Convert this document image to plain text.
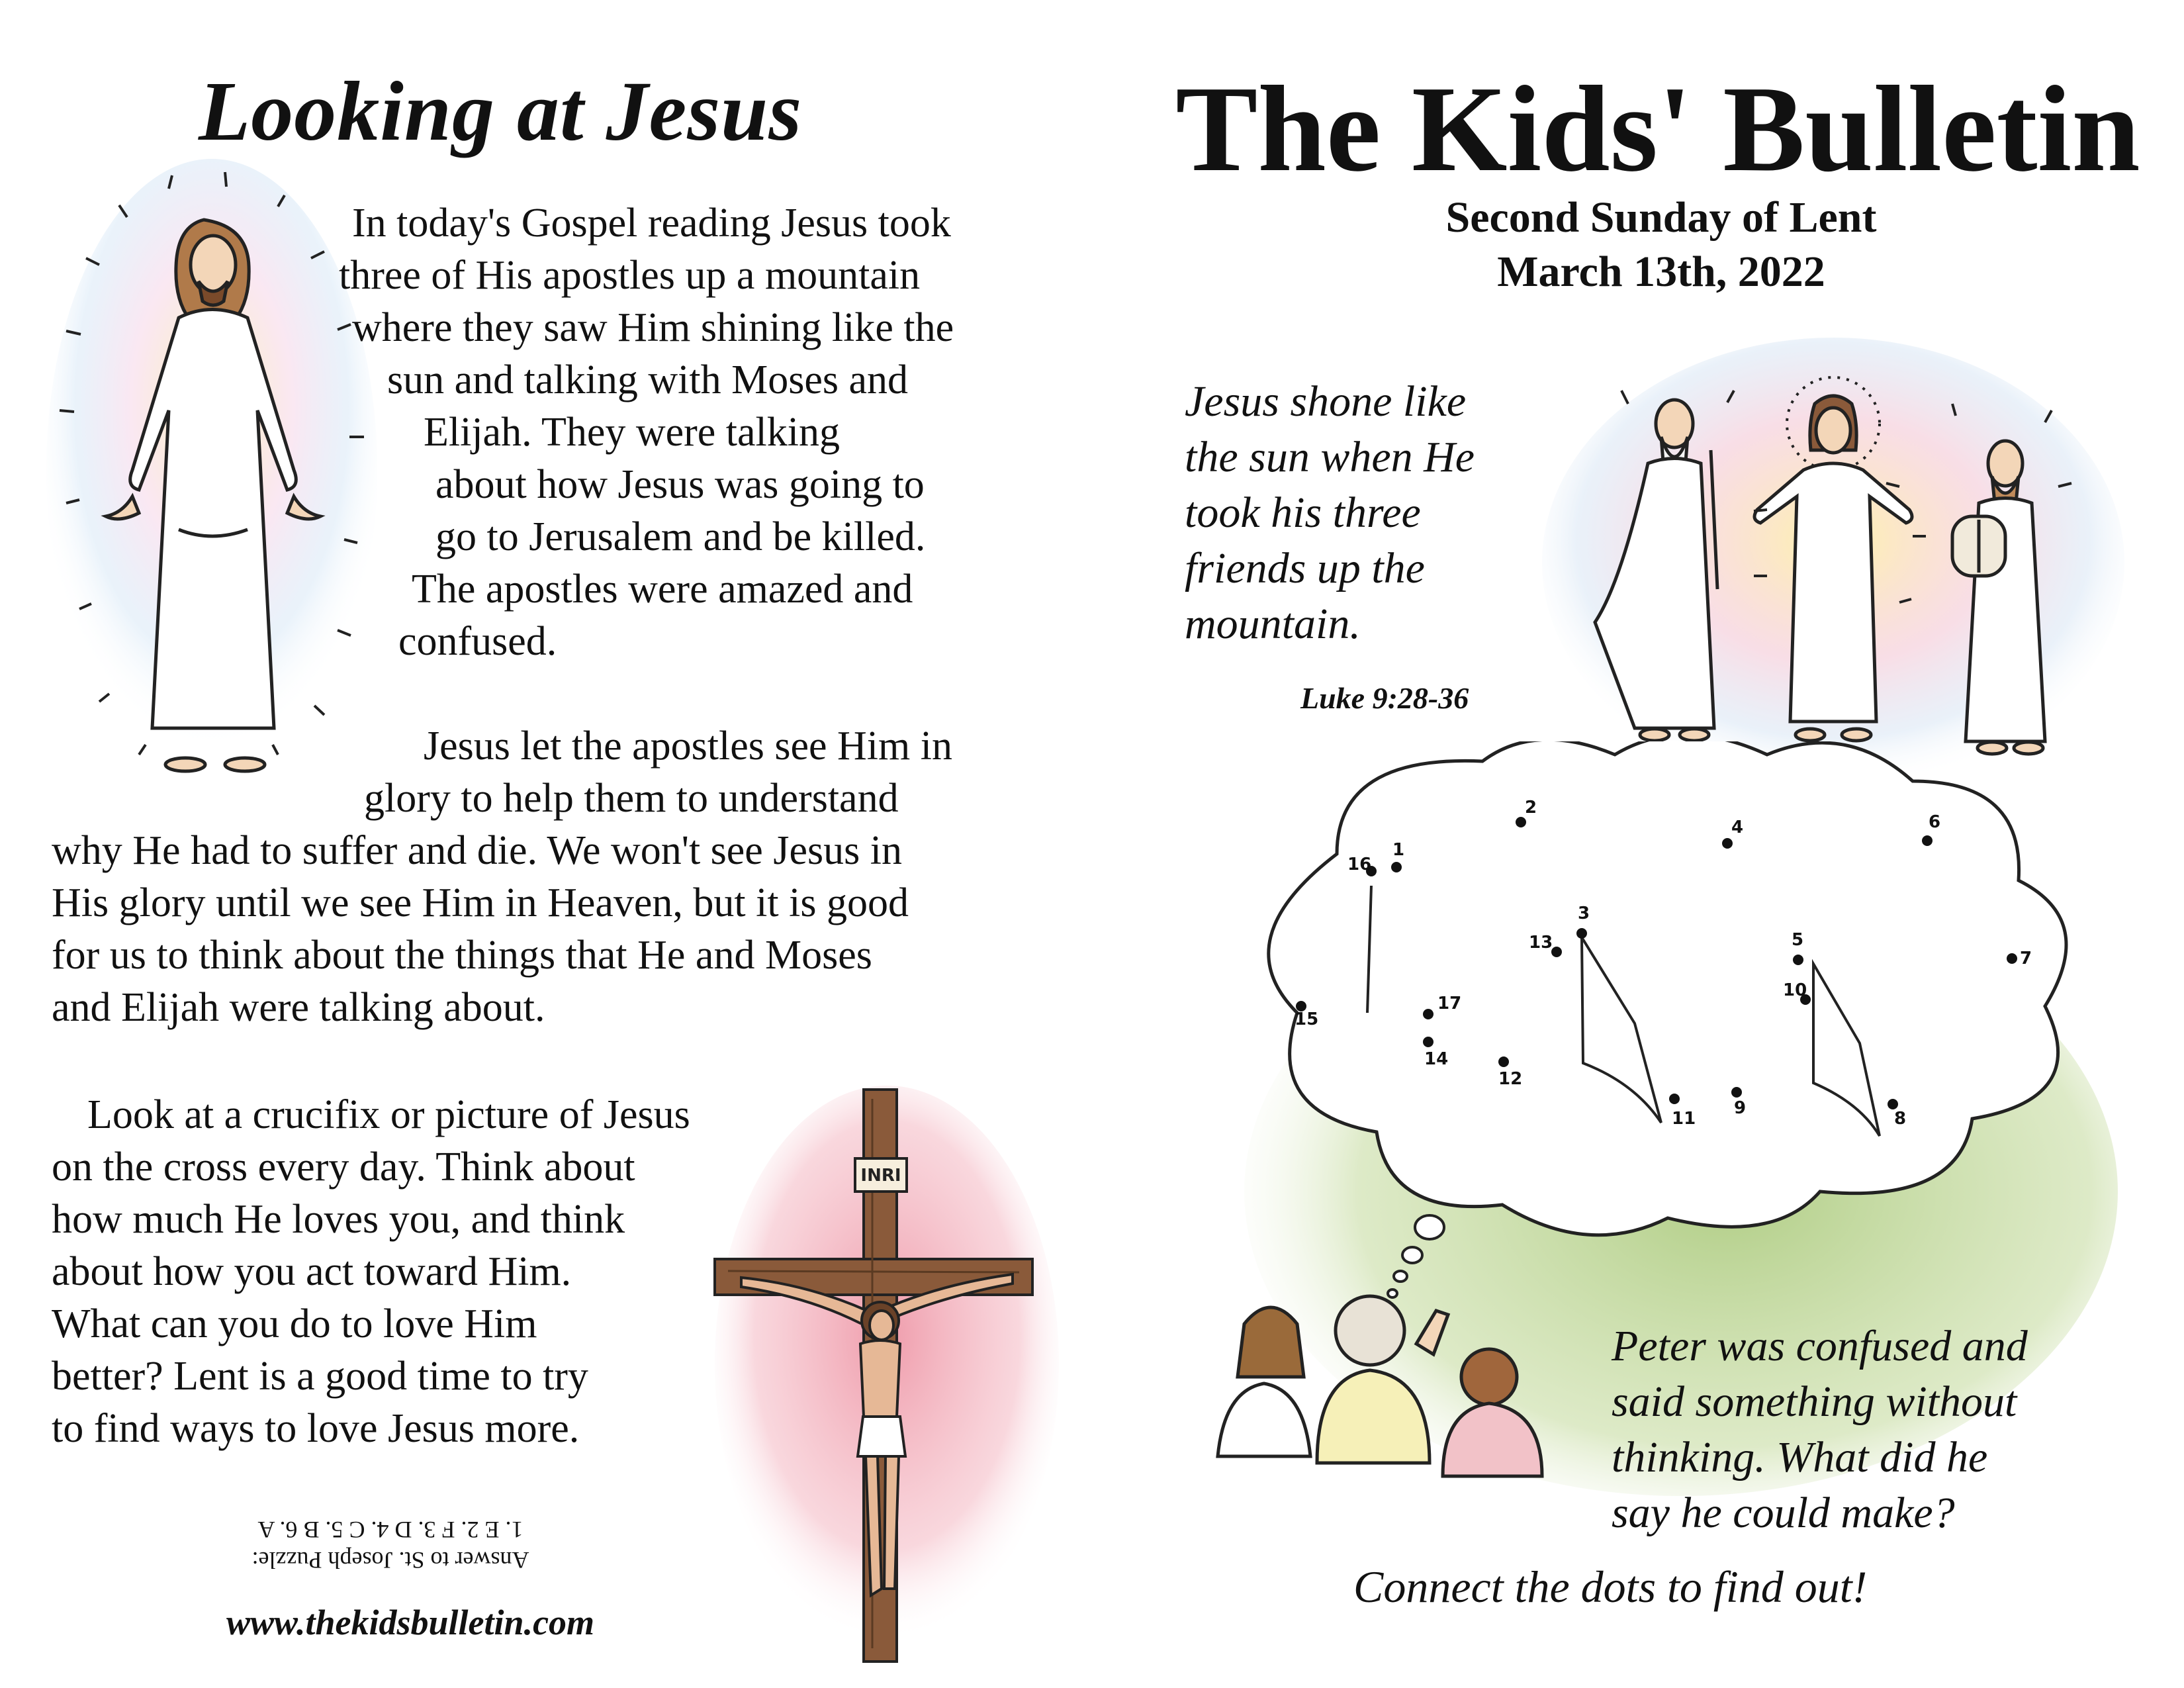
Looking at Jesus
In today's Gospel reading Jesus took
three of His apostles up a mountain
where they saw Him shining like the
sun and talking with Moses and
Elijah. They were talking
about how Jesus was going to
go to Jerusalem and be killed.
The apostles were amazed and
confused.
Jesus let the apostles see Him in
glory to help them to understand
why He had to suffer and die. We won't see Jesus in
His glory until we see Him in Heaven, but it is good
for us to think about the things that He and Moses
and Elijah were talking about.
Look at a crucifix or picture of Jesus
on the cross every day. Think about
how much He loves you, and think
about how you act toward Him.
What can you do to love Him
better? Lent is a good time to try
to find ways to love Jesus more.
INRI
Answer to St. Joseph Puzzle:
1. E 2. F 3. D 4. C 5. B 6. A
www.thekidsbulletin.com
The Kids' Bulletin
Second Sunday of Lent
March 13th, 2022
Jesus shone like
the sun when He
took his three
friends up the
mountain.
Luke 9:28-36
1
2
3
4
5
6
7
8
9
10
11
12
13
14
15
16
17
Peter was confused and
said something without
thinking. What did he
say he could make?
Connect the dots to find out!
